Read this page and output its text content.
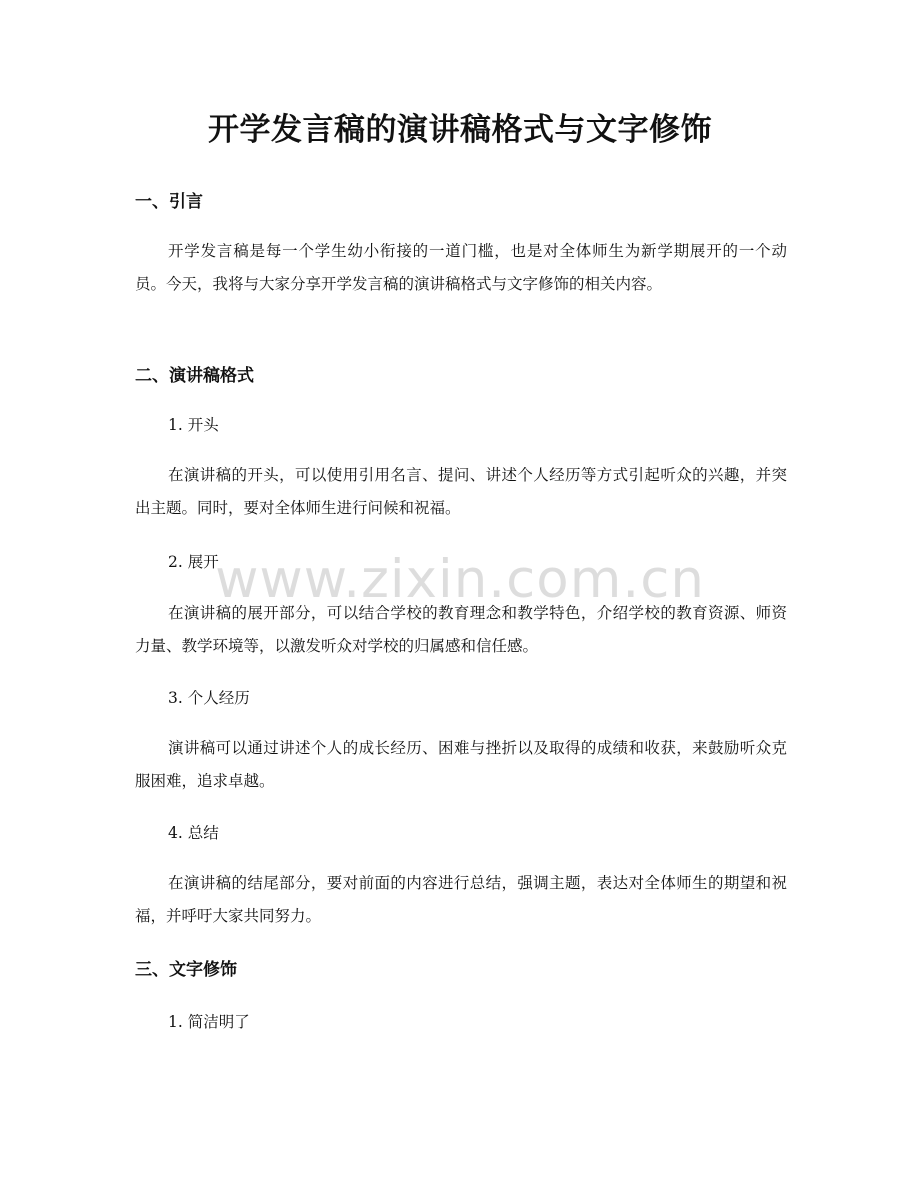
开学发言稿的演讲稿格式与文字修饰
一、引言
开学发言稿是每一个学生幼小衔接的一道门槛，也是对全体师生为新学期展开的一个动员。今天，我将与大家分享开学发言稿的演讲稿格式与文字修饰的相关内容。
二、演讲稿格式
1. 开头
在演讲稿的开头，可以使用引用名言、提问、讲述个人经历等方式引起听众的兴趣，并突出主题。同时，要对全体师生进行问候和祝福。
2. 展开
在演讲稿的展开部分，可以结合学校的教育理念和教学特色，介绍学校的教育资源、师资力量、教学环境等，以激发听众对学校的归属感和信任感。
3. 个人经历
演讲稿可以通过讲述个人的成长经历、困难与挫折以及取得的成绩和收获，来鼓励听众克服困难，追求卓越。
4. 总结
在演讲稿的结尾部分，要对前面的内容进行总结，强调主题，表达对全体师生的期望和祝福，并呼吁大家共同努力。
三、文字修饰
1. 简洁明了
www.zixin.com.cn
